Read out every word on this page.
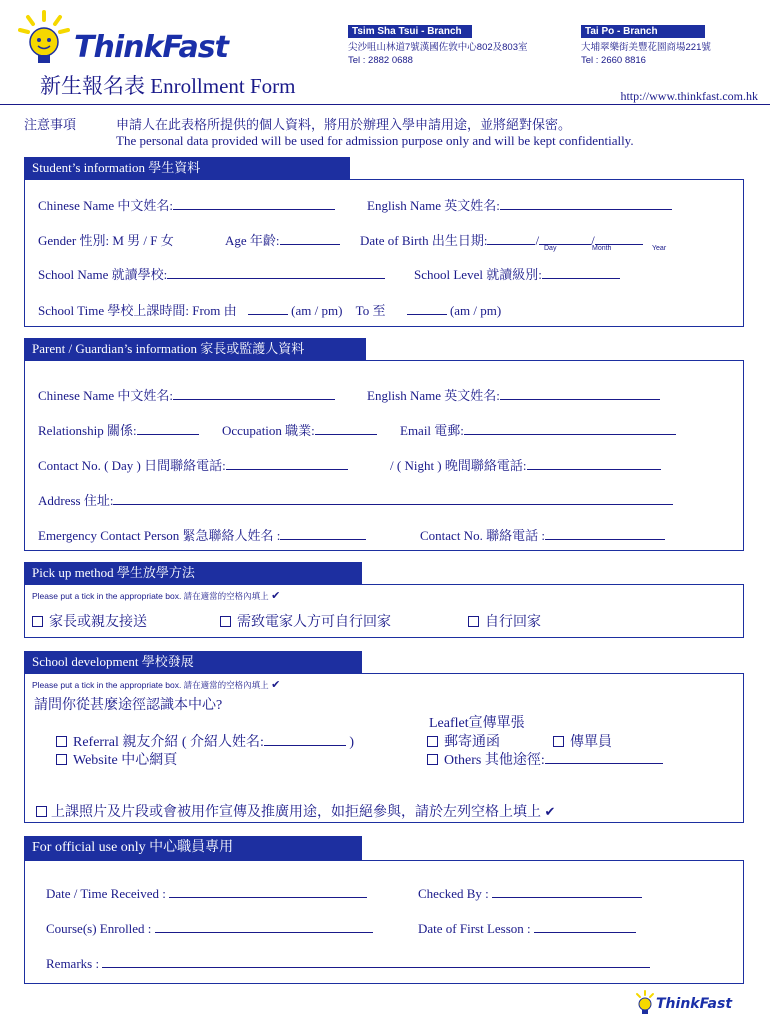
ThinkFast
新生報名表 Enrollment Form
Tsim Sha Tsui - Branch
尖沙咀山林道7號漢國佐敦中心802及803室
Tel : 2882 0688
Tai Po - Branch
大埔翠樂街美豐花園商場221號
Tel : 2660 8816
http://www.thinkfast.com.hk
注意事項	申請人在此表格所提供的個人資料，將用於辦理入學申請用途，並將絕對保密。
The personal data provided will be used for admission purpose only and will be kept confidentially.
Student’s information 學生資料
Chinese Name 中文姓名:	English Name 英文姓名:
Gender 性別: M 男 / F 女	Age 年齡:	Date of Birth 出生日期:	/	/
Day	Month	Year
School Name 就讀學校:	School Level 就讀級別:
School Time 學校上課時間: From 由	(am / pm) To 至	(am / pm)
Parent / Guardian’s information 家長或監護人資料
Chinese Name 中文姓名:	English Name 英文姓名:
Relationship 關係:	Occupation 職業:	Email 電郵:
Contact No. ( Day ) 日間聯絡電話:	/ ( Night ) 晚間聯絡電話:
Address 住址:
Emergency Contact Person 緊急聯絡人姓名 :	Contact No. 聯絡電話 :
Pick up method 學生放學方法
Please put a tick in the appropriate box. 請在適當的空格內填上 ✔
家長或親友接送	需致電家人方可自行回家	自行回家
School development 學校發展
Please put a tick in the appropriate box. 請在適當的空格內填上 ✔
請問你從甚麼途徑認識本中心?
Leaflet宣傳單張
Referral 親友介紹 ( 介紹人姓名:	)	郵寄通函	傳單員
Website 中心網頁	Others 其他途徑:
上課照片及片段或會被用作宣傳及推廣用途，如拒絕參與，請於左列空格上填上 ✔
For official use only 中心職員專用
Date / Time Received :	Checked By :
Course(s) Enrolled :	Date of First Lesson :
Remarks :
ThinkFast
